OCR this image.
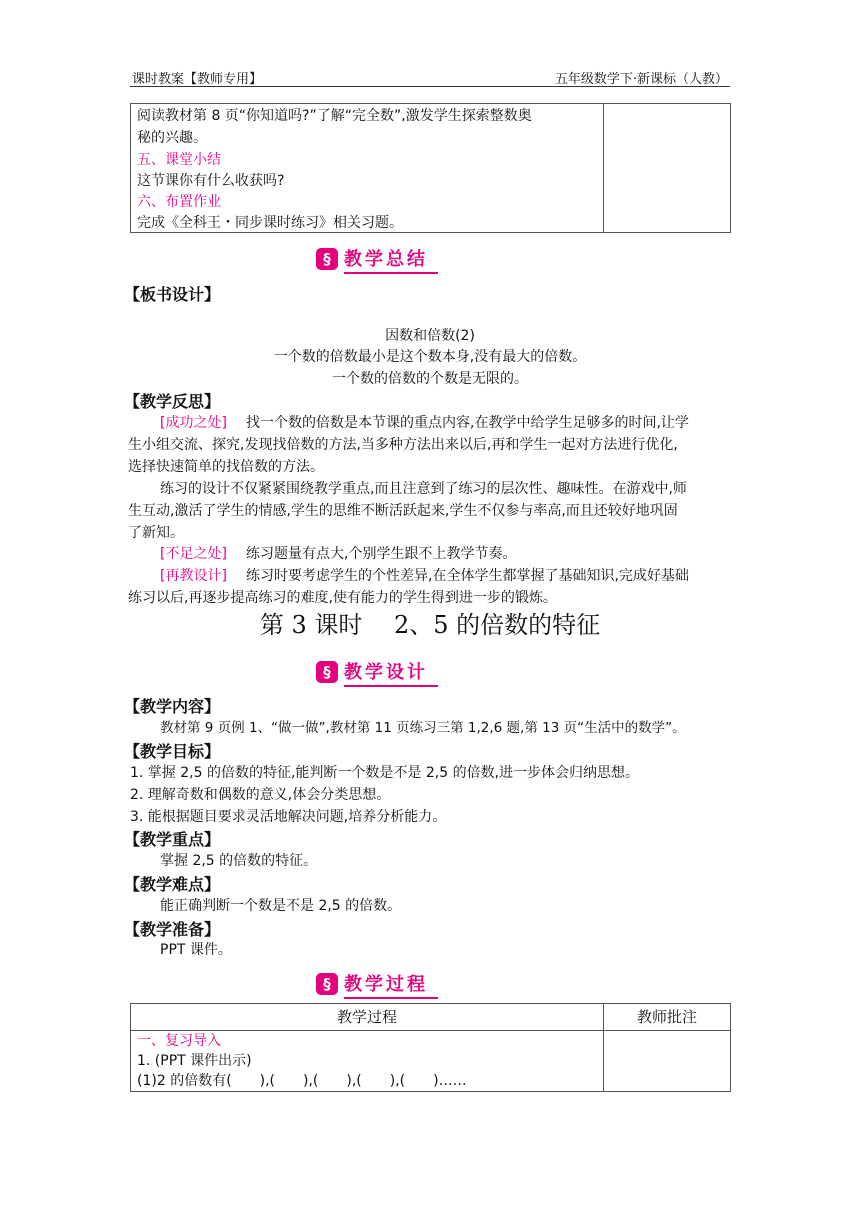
课时教案【教师专用】	五年级数学下·新课标（人教）
阅读教材第 8 页“你知道吗?”了解“完全数”,激发学生探索整数奥
秘的兴趣。
五、课堂小结
这节课你有什么收获吗?
六、布置作业
完成《全科王・同步课时练习》相关习题。
§ 教学总结
【板书设计】
因数和倍数(2)
一个数的倍数最小是这个数本身,没有最大的倍数。
一个数的倍数的个数是无限的。
【教学反思】
[成功之处] 找一个数的倍数是本节课的重点内容,在教学中给学生足够多的时间,让学
生小组交流、探究,发现找倍数的方法,当多种方法出来以后,再和学生一起对方法进行优化,
选择快速简单的找倍数的方法。
练习的设计不仅紧紧围绕教学重点,而且注意到了练习的层次性、趣味性。在游戏中,师
生互动,激活了学生的情感,学生的思维不断活跃起来,学生不仅参与率高,而且还较好地巩固
了新知。
[不足之处] 练习题量有点大,个别学生跟不上教学节奏。
[再教设计] 练习时要考虑学生的个性差异,在全体学生都掌握了基础知识,完成好基础
练习以后,再逐步提高练习的难度,使有能力的学生得到进一步的锻炼。
第 3 课时　 2、5 的倍数的特征
§ 教学设计
【教学内容】
教材第 9 页例 1、“做一做”,教材第 11 页练习三第 1,2,6 题,第 13 页“生活中的数学”。
【教学目标】
1. 掌握 2,5 的倍数的特征,能判断一个数是不是 2,5 的倍数,进一步体会归纳思想。
2. 理解奇数和偶数的意义,体会分类思想。
3. 能根据题目要求灵活地解决问题,培养分析能力。
【教学重点】
掌握 2,5 的倍数的特征。
【教学难点】
能正确判断一个数是不是 2,5 的倍数。
【教学准备】
PPT 课件。
§ 教学过程
教学过程	教师批注
一、复习导入
1. (PPT 课件出示)
(1)2 的倍数有(　　),(　　),(　　),(　　),(　　)……
